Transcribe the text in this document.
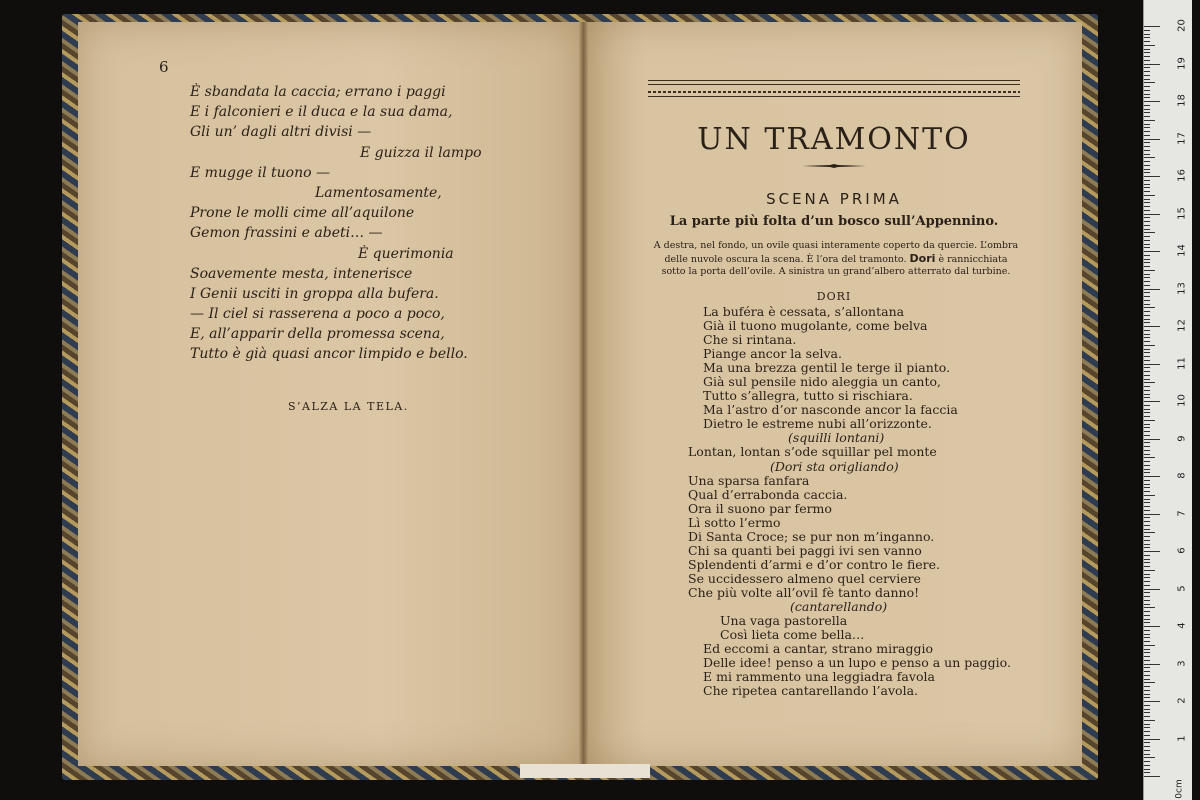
6
È sbandata la caccia; errano i paggi
E i falconieri e il duca e la sua dama,
Gli un’ dagli altri divisi —
E guizza il lampo
E mugge il tuono —
Lamentosamente,
Prone le molli cime all’aquilone
Gemon frassini e abeti… —
È querimonia
Soavemente mesta, intenerisce
I Genii usciti in groppa alla bufera.
— Il ciel si rasserena a poco a poco,
E, all’apparir della promessa scena,
Tutto è già quasi ancor limpido e bello.
S’ALZA LA TELA.
UN TRAMONTO
SCENA PRIMA
La parte più folta d’un bosco sull’Appennino.
A destra, nel fondo, un ovile quasi interamente coperto da quercie. L’ombra
delle nuvole oscura la scena. È l’ora del tramonto. Dori è rannicchiata
sotto la porta dell’ovile. A sinistra un grand’albero atterrato dal turbine.
DORI
La buféra è cessata, s’allontana
Già il tuono mugolante, come belva
Che si rintana.
Piange ancor la selva.
Ma una brezza gentil le terge il pianto.
Già sul pensile nido aleggia un canto,
Tutto s’allegra, tutto si rischiara.
Ma l’astro d’or nasconde ancor la faccia
Dietro le estreme nubi all’orizzonte.
(squilli lontani)
Lontan, lontan s’ode squillar pel monte
(Dori sta origliando)
Una sparsa fanfara
Qual d’errabonda caccia.
Ora il suono par fermo
Lì sotto l’ermo
Di Santa Croce; se pur non m’inganno.
Chi sa quanti bei paggi ivi sen vanno
Splendenti d’armi e d’or contro le fiere.
Se uccidessero almeno quel cerviere
Che più volte all’ovil fè tanto danno!
(cantarellando)
Una vaga pastorella
Così lieta come bella…
Ed eccomi a cantar, strano miraggio
Delle idee! penso a un lupo e penso a un paggio.
E mi rammento una leggiadra favola
Che ripetea cantarellando l’avola.
0cm
20
19
18
17
16
15
14
13
12
11
10
9
8
7
6
5
4
3
2
1
